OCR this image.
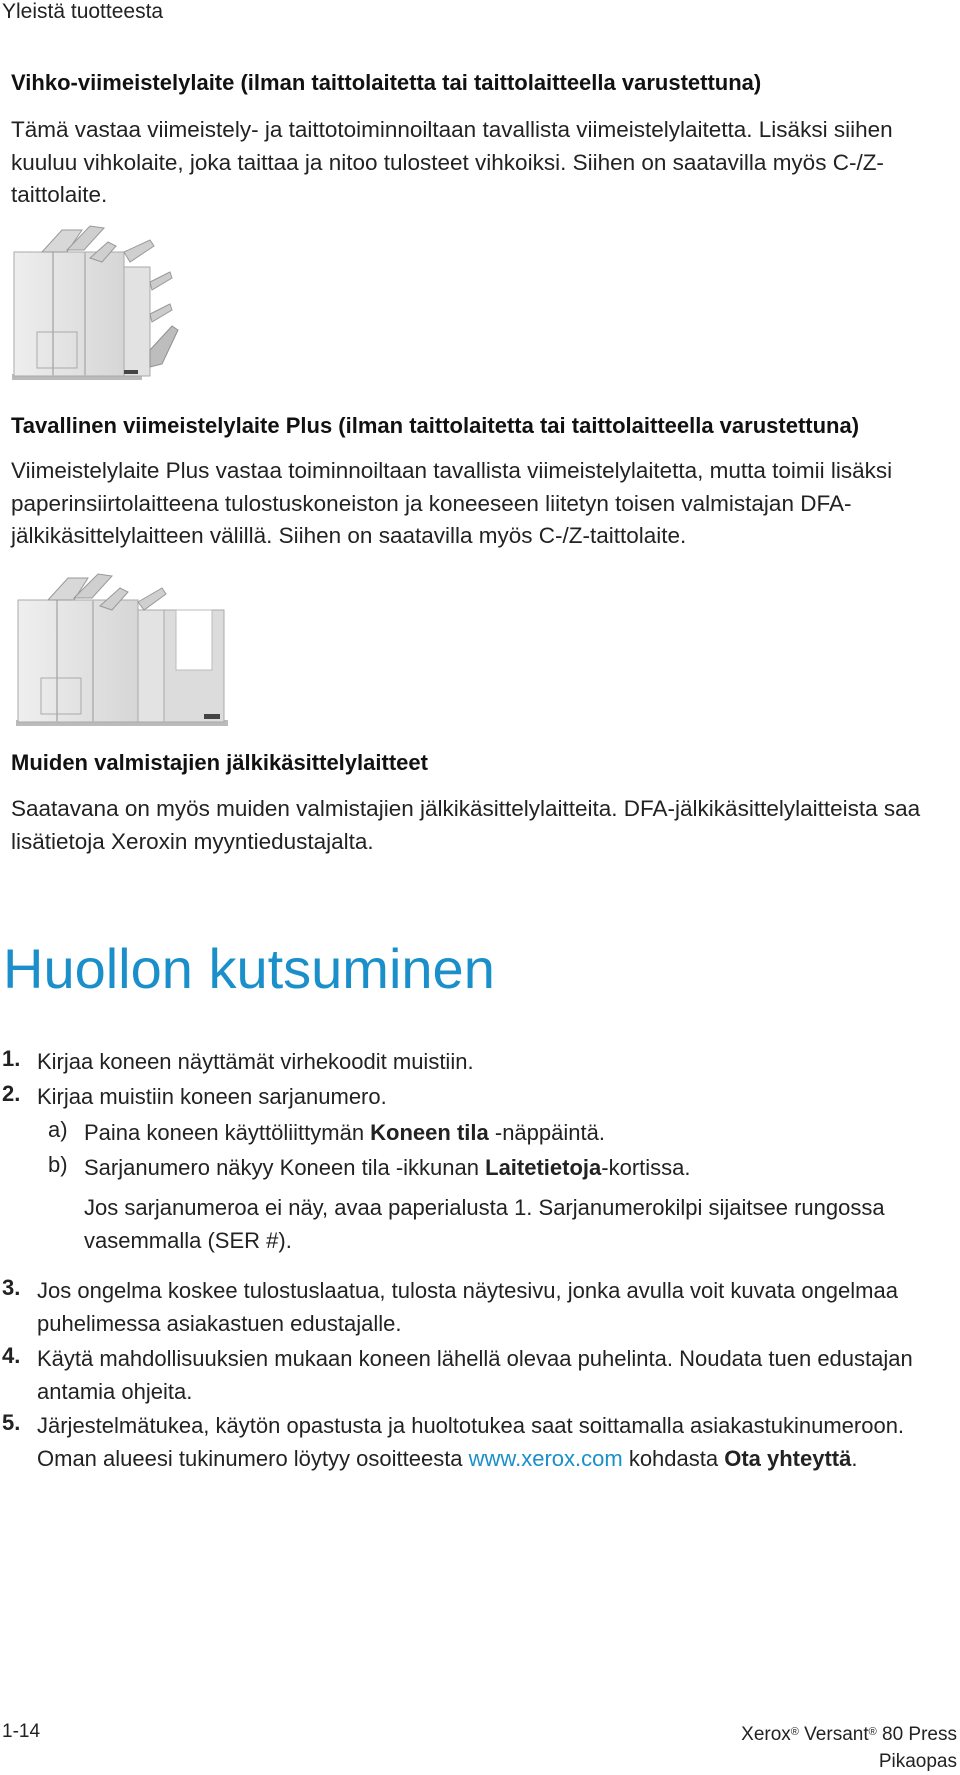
Yleistä tuotteesta
Vihko-viimeistelylaite (ilman taittolaitetta tai taittolaitteella varustettuna)
Tämä vastaa viimeistely- ja taittotoiminnoiltaan tavallista viimeistelylaitetta. Lisäksi siihen kuuluu vihkolaite, joka taittaa ja nitoo tulosteet vihkoiksi. Siihen on saatavilla myös C-/Z-taittolaite.
Tavallinen viimeistelylaite Plus (ilman taittolaitetta tai taittolaitteella varustettuna)
Viimeistelylaite Plus vastaa toiminnoiltaan tavallista viimeistelylaitetta, mutta toimii lisäksi paperinsiirtolaitteena tulostuskoneiston ja koneeseen liitetyn toisen valmistajan DFA-jälkikäsittelylaitteen välillä. Siihen on saatavilla myös C-/Z-taittolaite.
Muiden valmistajien jälkikäsittelylaitteet
Saatavana on myös muiden valmistajien jälkikäsittelylaitteita. DFA-jälkikäsittelylaitteista saa lisätietoja Xeroxin myyntiedustajalta.
Huollon kutsuminen
1. Kirjaa koneen näyttämät virhekoodit muistiin.
2. Kirjaa muistiin koneen sarjanumero.
a) Paina koneen käyttöliittymän Koneen tila -näppäintä.
b) Sarjanumero näkyy Koneen tila -ikkunan Laitetietoja-kortissa.
Jos sarjanumeroa ei näy, avaa paperialusta 1. Sarjanumerokilpi sijaitsee rungossa vasemmalla (SER #).
3. Jos ongelma koskee tulostuslaatua, tulosta näytesivu, jonka avulla voit kuvata ongelmaa puhelimessa asiakastuen edustajalle.
4. Käytä mahdollisuuksien mukaan koneen lähellä olevaa puhelinta. Noudata tuen edustajan antamia ohjeita.
5. Järjestelmätukea, käytön opastusta ja huoltotukea saat soittamalla asiakastukinumeroon. Oman alueesi tukinumero löytyy osoitteesta www.xerox.com kohdasta Ota yhteyttä.
1-14	Xerox® Versant® 80 Press
Pikaopas
